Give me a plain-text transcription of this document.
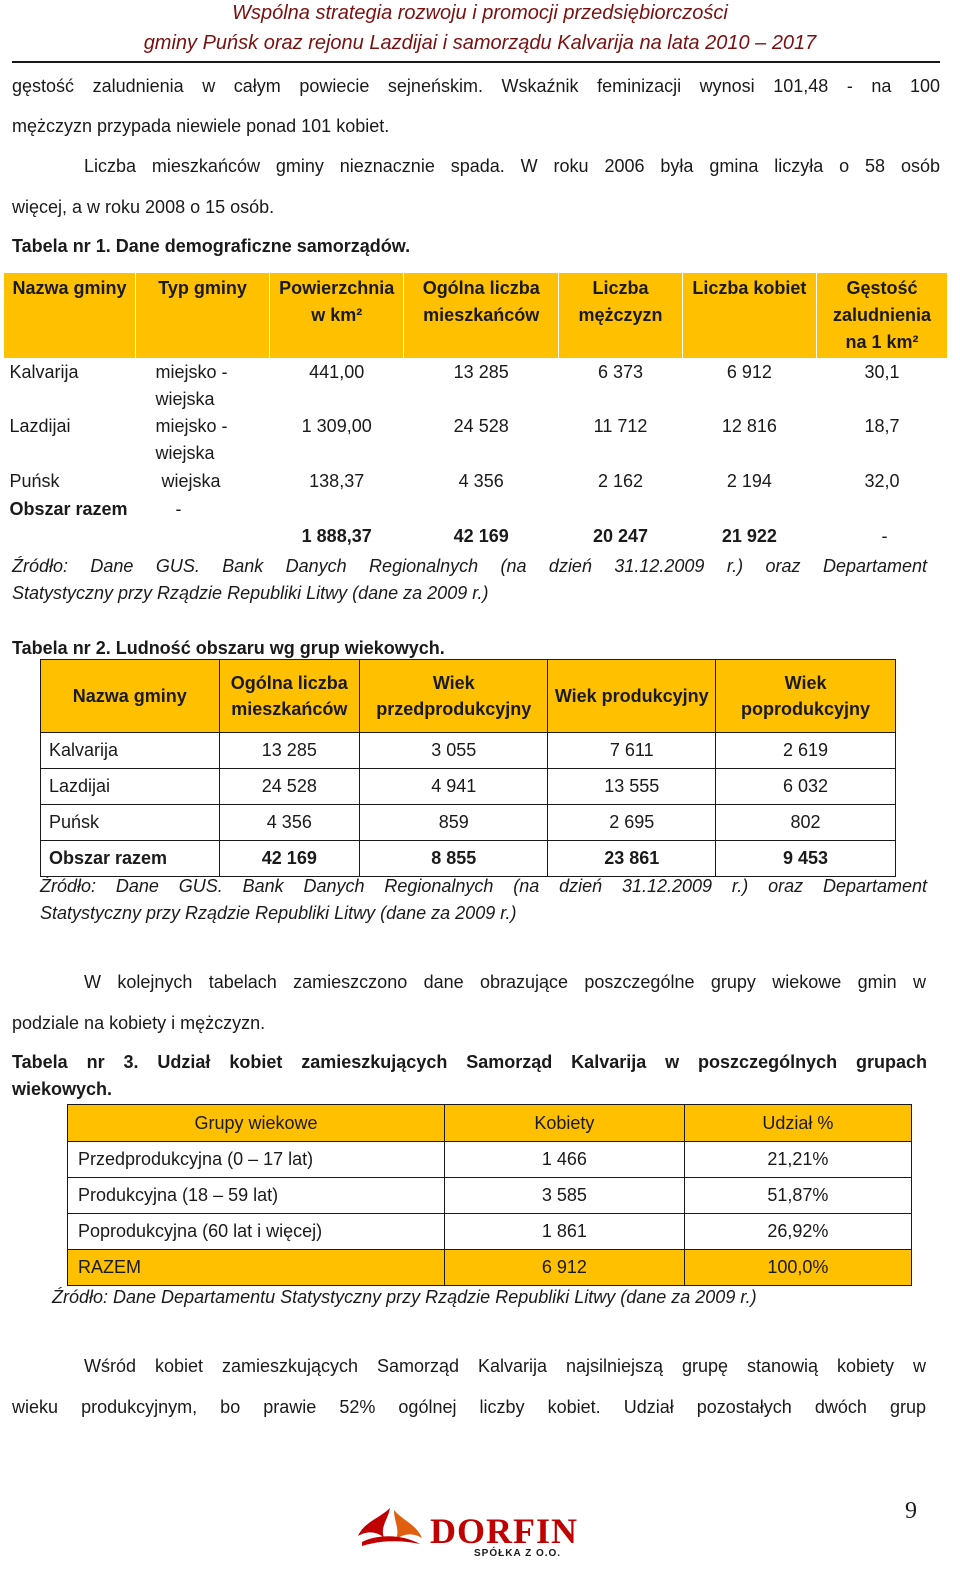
Wspólna strategia rozwoju i promocji przedsiębiorczości
gminy Puńsk oraz rejonu Lazdijai i samorządu Kalvarija na lata 2010 – 2017
gęstość zaludnienia w całym powiecie sejneńskim. Wskaźnik feminizacji wynosi 101,48 - na 100
mężczyzn przypada niewiele ponad 101 kobiet.
Liczba mieszkańców gminy nieznacznie spada. W roku 2006 była gmina liczyła o 58 osób
więcej, a w roku 2008 o 15 osób.
Tabela nr 1. Dane demograficzne samorządów.
Nazwa gminy	Typ gminy	Powierzchnia w km²	Ogólna liczba mieszkańców	Liczba mężczyzn	Liczba kobiet	Gęstość zaludnienia na 1 km²
Kalvarija	miejsko - wiejska	441,00	13 285	6 373	6 912	30,1
Lazdijai	miejsko - wiejska	1 309,00	24 528	11 712	12 816	18,7
Puńsk	wiejska	138,37	4 356	2 162	2 194	32,0
Obszar razem	-	1 888,37	42 169	20 247	21 922	-
Źródło: Dane GUS. Bank Danych Regionalnych (na dzień 31.12.2009 r.) oraz Departament
Statystyczny przy Rządzie Republiki Litwy (dane za 2009 r.)
Tabela nr 2. Ludność obszaru wg grup wiekowych.
Nazwa gminy	Ogólna liczba mieszkańców	Wiek przedprodukcyjny	Wiek produkcyjny	Wiek poprodukcyjny
Kalvarija	13 285	3 055	7 611	2 619
Lazdijai	24 528	4 941	13 555	6 032
Puńsk	4 356	859	2 695	802
Obszar razem	42 169	8 855	23 861	9 453
Źródło: Dane GUS. Bank Danych Regionalnych (na dzień 31.12.2009 r.) oraz Departament
Statystyczny przy Rządzie Republiki Litwy (dane za 2009 r.)
W kolejnych tabelach zamieszczono dane obrazujące poszczególne grupy wiekowe gmin w
podziale na kobiety i mężczyzn.
Tabela nr 3. Udział kobiet zamieszkujących Samorząd Kalvarija w poszczególnych grupach
wiekowych.
Grupy wiekowe	Kobiety	Udział %
Przedprodukcyjna (0 – 17 lat)	1 466	21,21%
Produkcyjna (18 – 59 lat)	3 585	51,87%
Poprodukcyjna (60 lat i więcej)	1 861	26,92%
RAZEM	6 912	100,0%
Źródło: Dane Departamentu Statystyczny przy Rządzie Republiki Litwy (dane za 2009 r.)
Wśród kobiet zamieszkujących Samorząd Kalvarija najsilniejszą grupę stanowią kobiety w
wieku produkcyjnym, bo prawie 52% ogólnej liczby kobiet. Udział pozostałych dwóch grup
9
DORFIN
SPÓŁKA Z O.O.
